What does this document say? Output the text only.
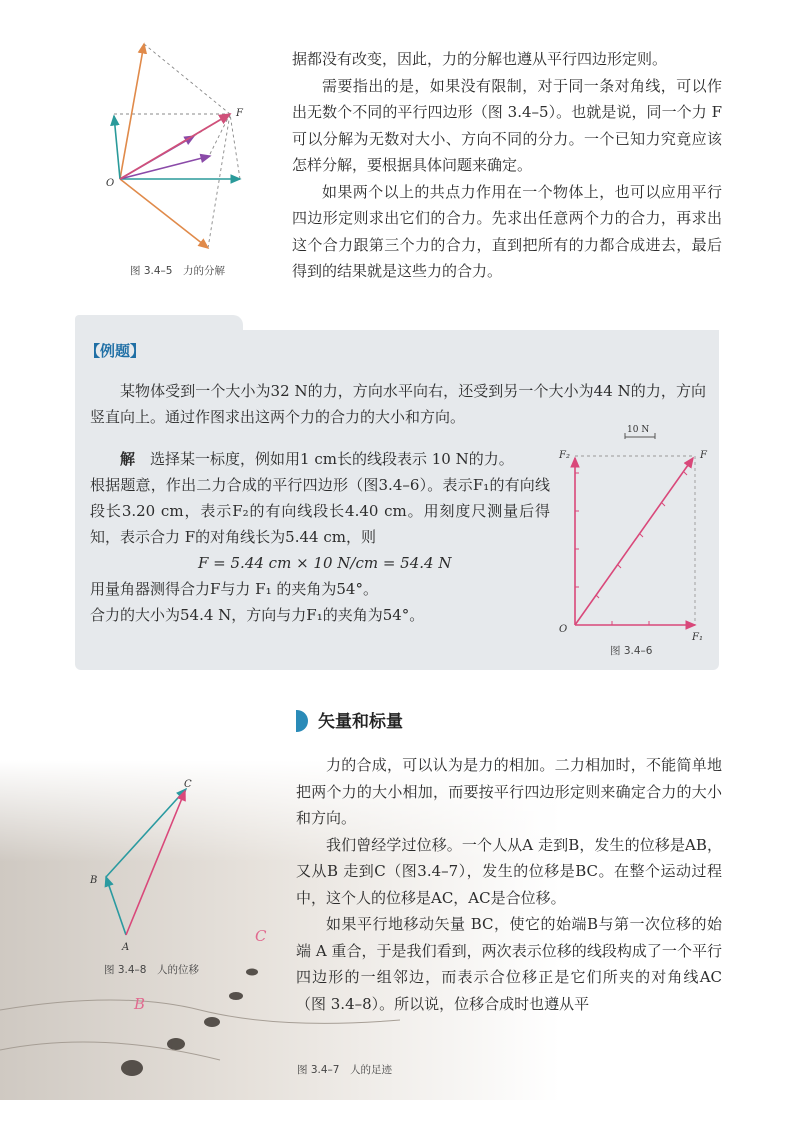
O
F
图 3.4–5　力的分解

据都没有改变，因此，力的分解也遵从平行四边形定则。

需要指出的是，如果没有限制，对于同一条对角线，可以作出无数个不同的平行四边形（图 3.4–5）。也就是说，同一个力 F 可以分解为无数对大小、方向不同的分力。一个已知力究竟应该怎样分解，要根据具体问题来确定。

如果两个以上的共点力作用在一个物体上，也可以应用平行四边形定则求出它们的合力。先求出任意两个力的合力，再求出这个合力跟第三个力的合力，直到把所有的力都合成进去，最后得到的结果就是这些力的合力。

【例题】

某物体受到一个大小为32 N的力，方向水平向右，还受到另一个大小为44 N的力，方向竖直向上。通过作图求出这两个力的合力的大小和方向。

解　 选择某一标度，例如用1 cm长的线段表示 10 N的力。

根据题意，作出二力合成的平行四边形（图3.4–6）。表示F₁的有向线段长3.20 cm，表示F₂的有向线段长4.40 cm。用刻度尺测量后得知，表示合力 F的对角线长为5.44 cm，则

F = 5.44 cm × 10 N/cm = 54.4 N

用量角器测得合力F与力 F₁ 的夹角为54°。

合力的大小为54.4 N，方向与力F₁的夹角为54°。

10 N
O
F₁
F₂	F
图 3.4–6
A
B
C
图 3.4–8　人的位移
C
B
图 3.4–7　人的足迹
矢量和标量

力的合成，可以认为是力的相加。二力相加时，不能简单地把两个力的大小相加，而要按平行四边形定则来确定合力的大小和方向。

我们曾经学过位移。一个人从A 走到B，发生的位移是AB，又从B 走到C（图3.4–7），发生的位移是BC。在整个运动过程中，这个人的位移是AC，AC是合位移。

如果平行地移动矢量 BC，使它的始端B与第一次位移的始端 A 重合，于是我们看到，两次表示位移的线段构成了一个平行四边形的一组邻边，而表示合位移正是它们所夹的对角线AC（图 3.4–8）。所以说，位移合成时也遵从平
